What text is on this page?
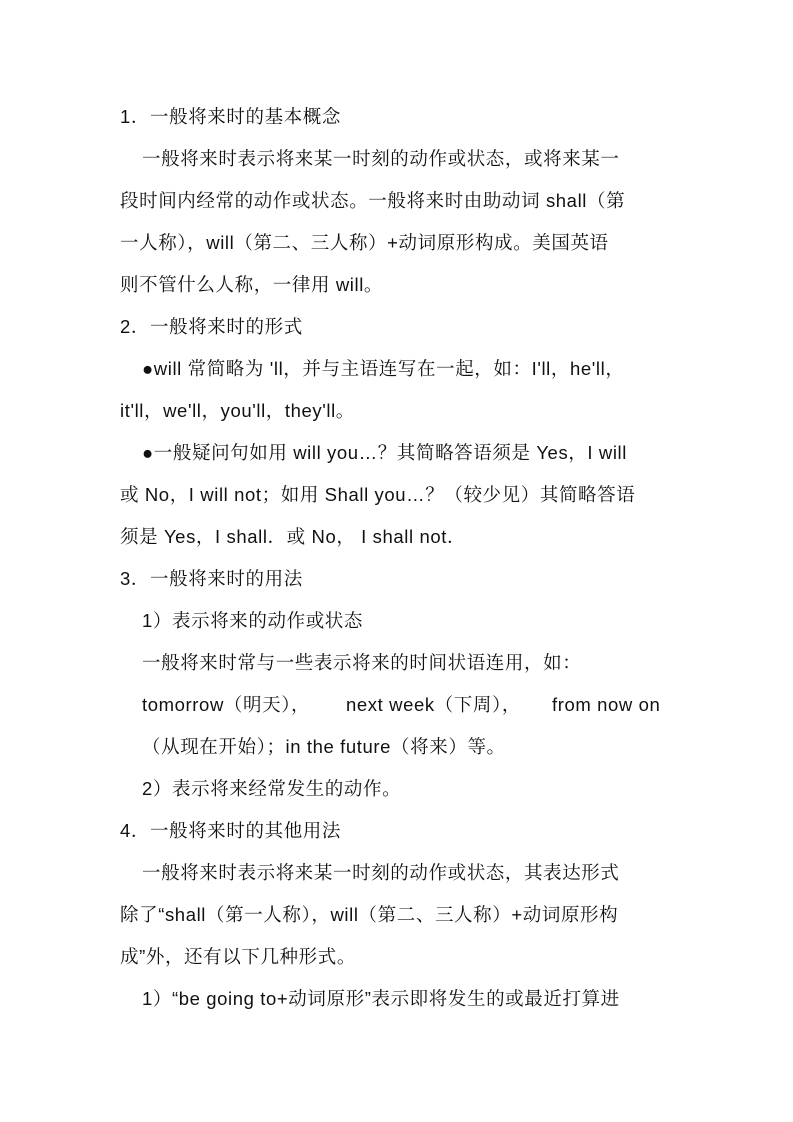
1．一般将来时的基本概念
一般将来时表示将来某一时刻的动作或状态，或将来某一
段时间内经常的动作或状态。一般将来时由助动词 shall（第
一人称），will（第二、三人称）+动词原形构成。美国英语
则不管什么人称，一律用 will。
2．一般将来时的形式
●will 常简略为 'll，并与主语连写在一起，如：I'll，he'll，
it'll，we'll，you'll，they'll。
●一般疑问句如用 will you…？其简略答语须是 Yes，I will
或 No，I will not；如用 Shall you…？（较少见）其简略答语
须是 Yes，I shall．或 No， I shall not．
3．一般将来时的用法
1）表示将来的动作或状态
一般将来时常与一些表示将来的时间状语连用，如：
tomorrow（明天）， next week（下周）， from now on
（从现在开始）；in the future（将来）等。
2）表示将来经常发生的动作。
4．一般将来时的其他用法
一般将来时表示将来某一时刻的动作或状态，其表达形式
除了“shall（第一人称），will（第二、三人称）+动词原形构
成”外，还有以下几种形式。
1）“be going to+动词原形”表示即将发生的或最近打算进
